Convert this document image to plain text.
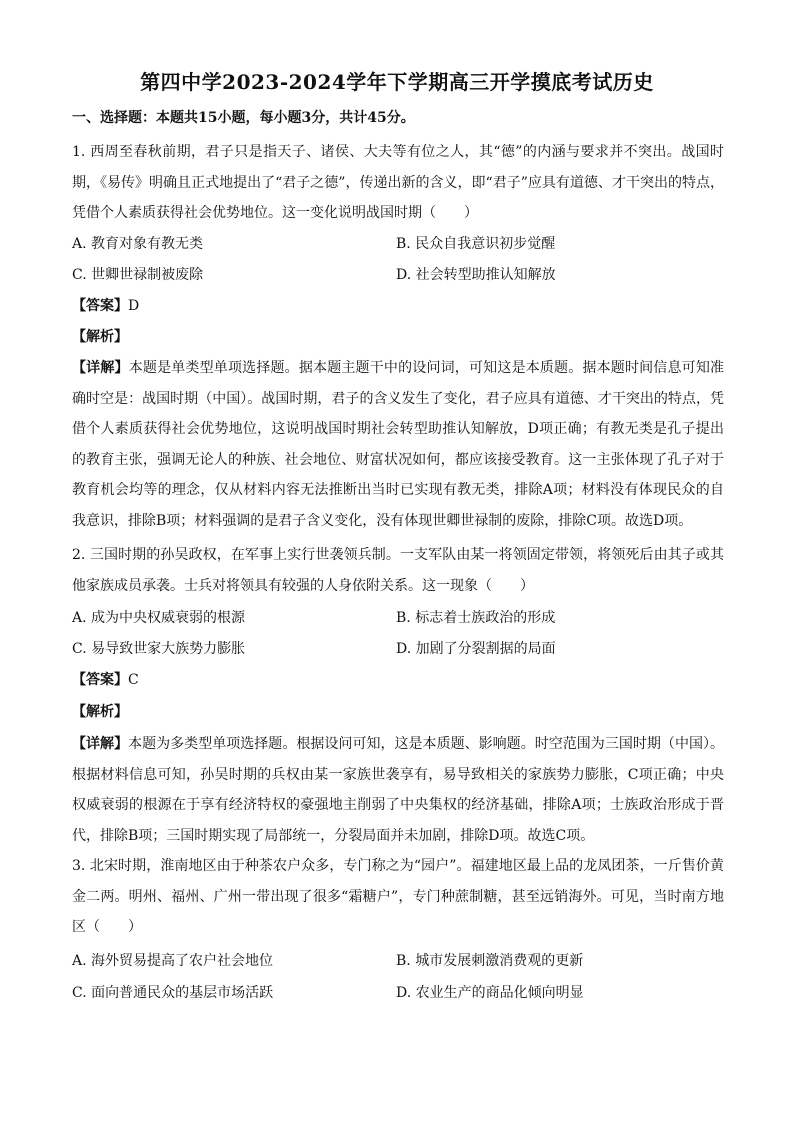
第四中学2023-2024学年下学期高三开学摸底考试历史
一、选择题：本题共15小题，每小题3分，共计45分。
1. 西周至春秋前期，君子只是指天子、诸侯、大夫等有位之人，其“德”的内涵与要求并不突出。战国时期，《易传》明确且正式地提出了“君子之德”，传递出新的含义，即“君子”应具有道德、才干突出的特点，凭借个人素质获得社会优势地位。这一变化说明战国时期（　　）
A. 教育对象有教无类	B. 民众自我意识初步觉醒
C. 世卿世禄制被废除	D. 社会转型助推认知解放
【答案】D
【解析】
【详解】本题是单类型单项选择题。据本题主题干中的设问词，可知这是本质题。据本题时间信息可知准确时空是：战国时期（中国）。战国时期，君子的含义发生了变化，君子应具有道德、才干突出的特点，凭借个人素质获得社会优势地位，这说明战国时期社会转型助推认知解放，D项正确；有教无类是孔子提出的教育主张，强调无论人的种族、社会地位、财富状况如何，都应该接受教育。这一主张体现了孔子对于教育机会均等的理念，仅从材料内容无法推断出当时已实现有教无类，排除A项；材料没有体现民众的自我意识，排除B项；材料强调的是君子含义变化，没有体现世卿世禄制的废除，排除C项。故选D项。
2. 三国时期的孙吴政权，在军事上实行世袭领兵制。一支军队由某一将领固定带领，将领死后由其子或其他家族成员承袭。士兵对将领具有较强的人身依附关系。这一现象（　　）
A. 成为中央权威衰弱的根源	B. 标志着士族政治的形成
C. 易导致世家大族势力膨胀	D. 加剧了分裂割据的局面
【答案】C
【解析】
【详解】本题为多类型单项选择题。根据设问可知，这是本质题、影响题。时空范围为三国时期（中国）。根据材料信息可知，孙吴时期的兵权由某一家族世袭享有，易导致相关的家族势力膨胀，C项正确；中央权威衰弱的根源在于享有经济特权的豪强地主削弱了中央集权的经济基础，排除A项；士族政治形成于晋代，排除B项；三国时期实现了局部统一，分裂局面并未加剧，排除D项。故选C项。
3. 北宋时期，淮南地区由于种茶农户众多，专门称之为“园户”。福建地区最上品的龙凤团茶，一斤售价黄金二两。明州、福州、广州一带出现了很多“霜糖户”，专门种蔗制糖，甚至远销海外。可见，当时南方地区（　　）
A. 海外贸易提高了农户社会地位	B. 城市发展刺激消费观的更新
C. 面向普通民众的基层市场活跃	D. 农业生产的商品化倾向明显
